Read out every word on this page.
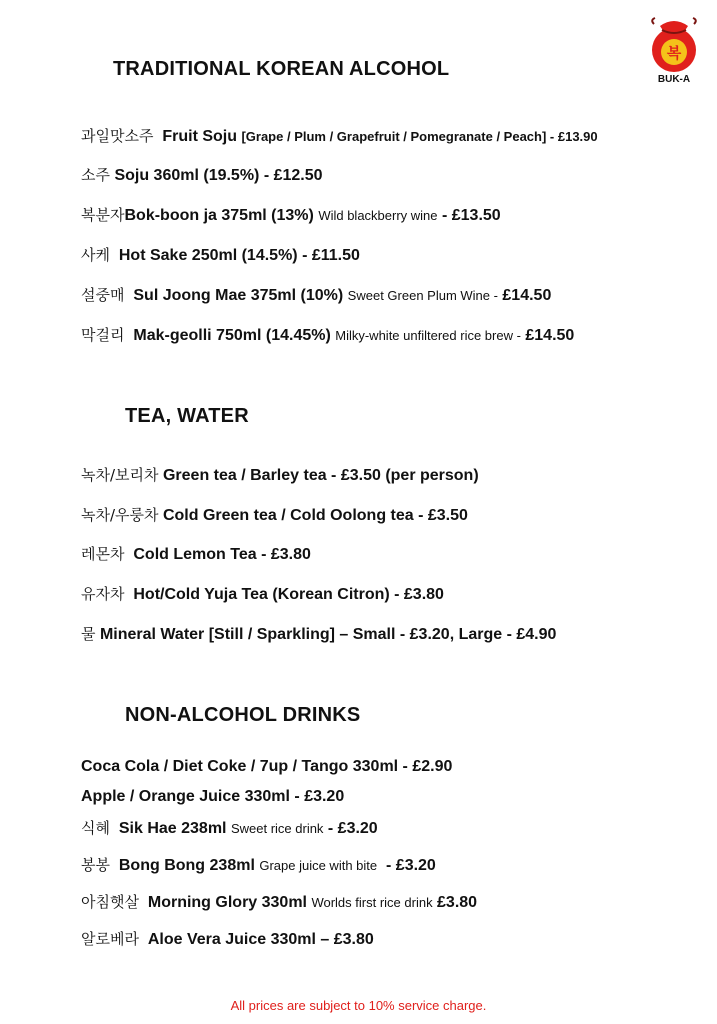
복
BUK-A
TRADITIONAL KOREAN ALCOHOL
과일맛소주 Fruit Soju [Grape / Plum / Grapefruit / Pomegranate / Peach] - £13.90
소주 Soju 360ml (19.5%) - £12.50
복분자Bok-boon ja 375ml (13%) Wild blackberry wine - £13.50
사케 Hot Sake 250ml (14.5%) - £11.50
설중매 Sul Joong Mae 375ml (10%) Sweet Green Plum Wine - £14.50
막걸리 Mak-geolli 750ml (14.45%) Milky-white unfiltered rice brew - £14.50
TEA, WATER
녹차/보리차 Green tea / Barley tea - £3.50 (per person)
녹차/우룽차 Cold Green tea / Cold Oolong tea - £3.50
레몬차 Cold Lemon Tea - £3.80
유자차 Hot/Cold Yuja Tea (Korean Citron) - £3.80
물 Mineral Water [Still / Sparkling] – Small - £3.20, Large - £4.90
NON-ALCOHOL DRINKS
Coca Cola / Diet Coke / 7up / Tango 330ml - £2.90
Apple / Orange Juice 330ml - £3.20
식혜 Sik Hae 238ml Sweet rice drink - £3.20
봉봉 Bong Bong 238ml Grape juice with bite - £3.20
아침햇살 Morning Glory 330ml Worlds first rice drink £3.80
알로베라 Aloe Vera Juice 330ml – £3.80
All prices are subject to 10% service charge.
